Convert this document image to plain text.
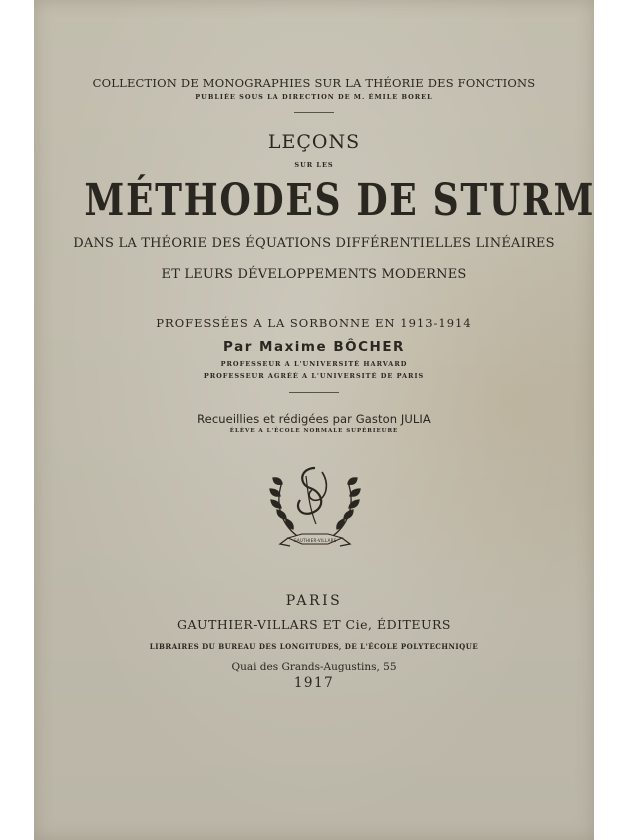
COLLECTION DE MONOGRAPHIES SUR LA THÉORIE DES FONCTIONS

PUBLIÉE SOUS LA DIRECTION DE M. ÉMILE BOREL

LEÇONS

SUR LES

MÉTHODES DE STURM

DANS LA THÉORIE DES ÉQUATIONS DIFFÉRENTIELLES LINÉAIRES

ET LEURS DÉVELOPPEMENTS MODERNES

PROFESSÉES A LA SORBONNE EN 1913-1914

Par Maxime BÔCHER

PROFESSEUR A L'UNIVERSITÉ HARVARD

PROFESSEUR AGRÉÉ A L'UNIVERSITÉ DE PARIS

Recueillies et rédigées par Gaston JULIA

ÉLÈVE A L'ÉCOLE NORMALE SUPÉRIEURE

GAUTHIER-VILLARS

PARIS

GAUTHIER-VILLARS ET Cie, ÉDITEURS

LIBRAIRES DU BUREAU DES LONGITUDES, DE L'ÉCOLE POLYTECHNIQUE

Quai des Grands-Augustins, 55

1917
